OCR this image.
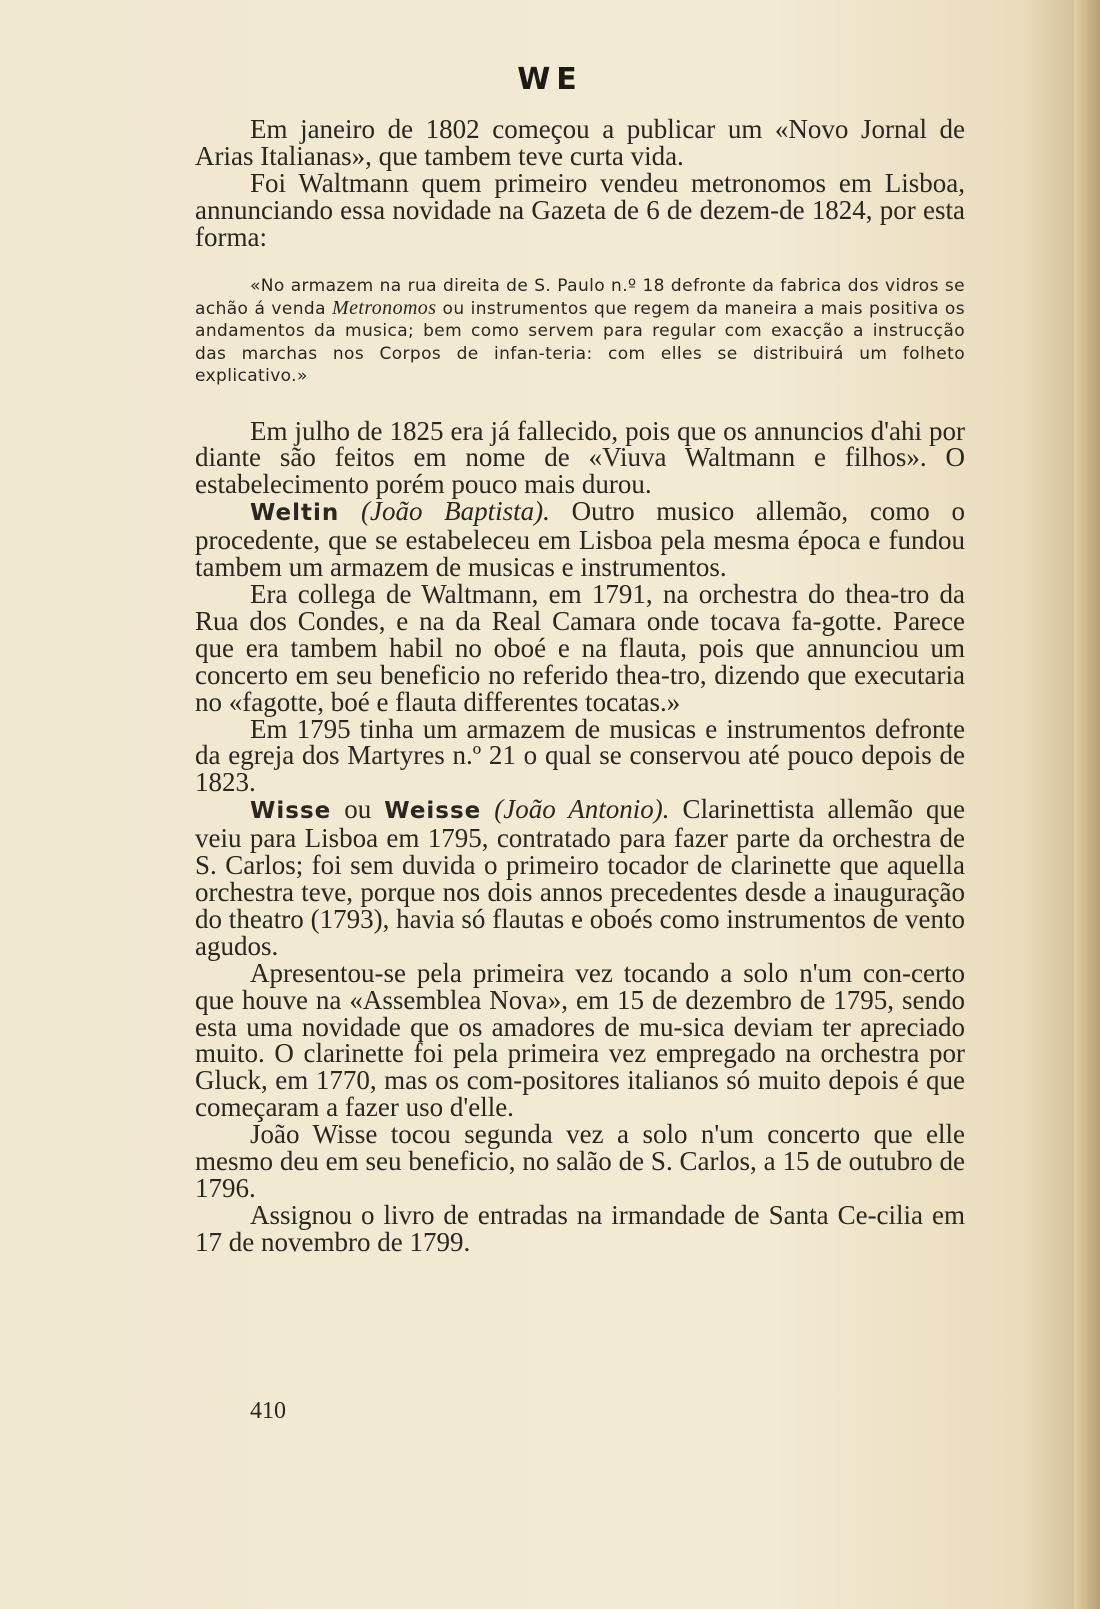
WE

Em janeiro de 1802 começou a publicar um «Novo Jornal de Arias Italianas», que tambem teve curta vida.

Foi Waltmann quem primeiro vendeu metronomos em Lisboa, annunciando essa novidade na Gazeta de 6 de dezem-de 1824, por esta forma:

«No armazem na rua direita de S. Paulo n.º 18 defronte da fabrica dos vidros se achão á venda Metronomos ou instrumentos que regem da maneira a mais positiva os andamentos da musica; bem como servem para regular com exacção a instrucção das marchas nos Corpos de infan-teria: com elles se distribuirá um folheto explicativo.»

Em julho de 1825 era já fallecido, pois que os annuncios d'ahi por diante são feitos em nome de «Viuva Waltmann e filhos». O estabelecimento porém pouco mais durou.

Weltin (João Baptista). Outro musico allemão, como o procedente, que se estabeleceu em Lisboa pela mesma época e fundou tambem um armazem de musicas e instrumentos.

Era collega de Waltmann, em 1791, na orchestra do thea-tro da Rua dos Condes, e na da Real Camara onde tocava fa-gotte. Parece que era tambem habil no oboé e na flauta, pois que annunciou um concerto em seu beneficio no referido thea-tro, dizendo que executaria no «fagotte, boé e flauta differentes tocatas.»

Em 1795 tinha um armazem de musicas e instrumentos defronte da egreja dos Martyres n.º 21 o qual se conservou até pouco depois de 1823.

Wisse ou Weisse (João Antonio). Clarinettista allemão que veiu para Lisboa em 1795, contratado para fazer parte da orchestra de S. Carlos; foi sem duvida o primeiro tocador de clarinette que aquella orchestra teve, porque nos dois annos precedentes desde a inauguração do theatro (1793), havia só flautas e oboés como instrumentos de vento agudos.

Apresentou-se pela primeira vez tocando a solo n'um con-certo que houve na «Assemblea Nova», em 15 de dezembro de 1795, sendo esta uma novidade que os amadores de mu-sica deviam ter apreciado muito. O clarinette foi pela primeira vez empregado na orchestra por Gluck, em 1770, mas os com-positores italianos só muito depois é que começaram a fazer uso d'elle.

João Wisse tocou segunda vez a solo n'um concerto que elle mesmo deu em seu beneficio, no salão de S. Carlos, a 15 de outubro de 1796.

Assignou o livro de entradas na irmandade de Santa Ce-cilia em 17 de novembro de 1799.

410
